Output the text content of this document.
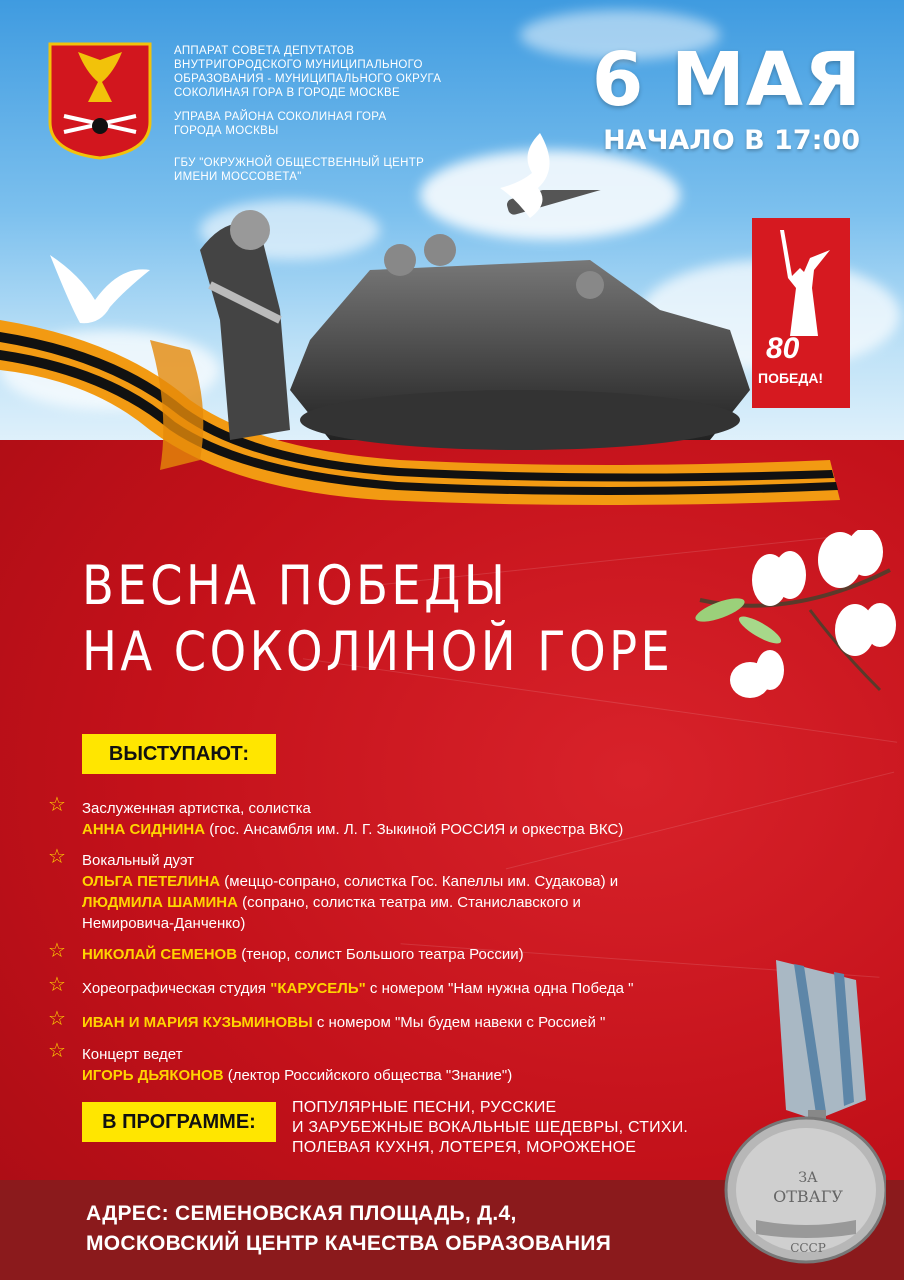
АППАРАТ СОВЕТА ДЕПУТАТОВ
ВНУТРИГОРОДСКОГО МУНИЦИПАЛЬНОГО
ОБРАЗОВАНИЯ - МУНИЦИПАЛЬНОГО ОКРУГА
СОКОЛИНАЯ ГОРА В ГОРОДЕ МОСКВЕ

УПРАВА РАЙОНА СОКОЛИНАЯ ГОРА
ГОРОДА МОСКВЫ

ГБУ "ОКРУЖНОЙ ОБЩЕСТВЕННЫЙ ЦЕНТР
ИМЕНИ МОССОВЕТА"

6 МАЯ
НАЧАЛО В 17:00
80
ПОБЕДА!
ВЕСНА ПОБЕДЫ
НА СОКОЛИНОЙ ГОРЕ
ВЫСТУПАЮТ:
☆ Заслуженная артистка, солистка
АННА СИДНИНА (гос. Ансамбля им. Л. Г. Зыкиной РОССИЯ и оркестра ВКС)
☆ Вокальный дуэт
ОЛЬГА ПЕТЕЛИНА (меццо-сопрано, солистка Гос. Капеллы им. Судакова) и
ЛЮДМИЛА ШАМИНА (сопрано, солистка театра им. Станиславского и
Немировича-Данченко)
☆ НИКОЛАЙ СЕМЕНОВ (тенор, солист Большого театра России)
☆ Хореографическая студия "КАРУСЕЛЬ" с номером "Нам нужна одна Победа "
☆ ИВАН И МАРИЯ КУЗЬМИНОВЫ с номером "Мы будем навеки с Россией "
☆ Концерт ведет
ИГОРЬ ДЬЯКОНОВ (лектор Российского общества "Знание")
В ПРОГРАММЕ:

ПОПУЛЯРНЫЕ ПЕСНИ, РУССКИЕ
И ЗАРУБЕЖНЫЕ ВОКАЛЬНЫЕ ШЕДЕВРЫ, СТИХИ.
ПОЛЕВАЯ КУХНЯ, ЛОТЕРЕЯ, МОРОЖЕНОЕ

АДРЕС: СЕМЕНОВСКАЯ ПЛОЩАДЬ, Д.4,

МОСКОВСКИЙ ЦЕНТР КАЧЕСТВА ОБРАЗОВАНИЯ

ЗА
ОТВАГУ
СССР
